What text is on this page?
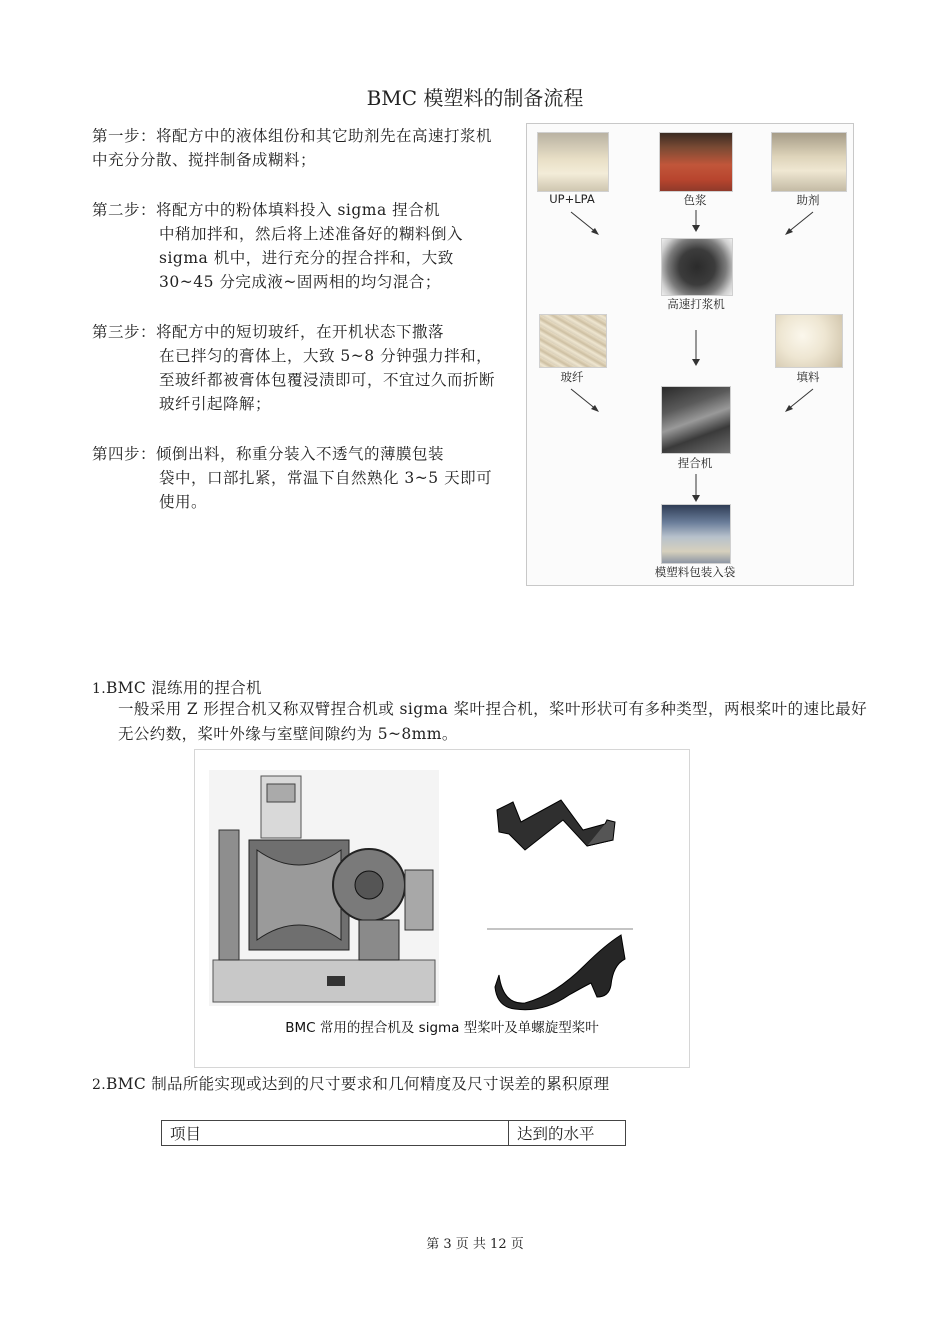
BMC 模塑料的制备流程
第一步：将配方中的液体组份和其它助剂先在高速打浆机中充分分散、搅拌制备成糊料；
第二步：将配方中的粉体填料投入 sigma 捏合机
中稍加拌和，然后将上述准备好的糊料倒入 sigma 机中，进行充分的捏合拌和，大致 30~45 分完成液~固两相的均匀混合；
第三步：将配方中的短切玻纤，在开机状态下撒落
在已拌匀的膏体上，大致 5~8 分钟强力拌和，至玻纤都被膏体包覆浸渍即可，不宜过久而折断玻纤引起降解；
第四步：倾倒出料，称重分装入不透气的薄膜包装
袋中，口部扎紧，常温下自然熟化 3~5 天即可使用。
UP+LPA	色浆	助剂
高速打浆机
玻纤	填料
捏合机
模塑料包装入袋
1.BMC 混练用的捏合机
一般采用 Z 形捏合机又称双臂捏合机或 sigma 桨叶捏合机，桨叶形状可有多种类型，两根桨叶的速比最好无公约数，桨叶外缘与室壁间隙约为 5~8mm。
BMC 常用的捏合机及 sigma 型桨叶及单螺旋型桨叶
2.BMC 制品所能实现或达到的尺寸要求和几何精度及尺寸误差的累积原理
项目	达到的水平
第 3 页 共 12 页
